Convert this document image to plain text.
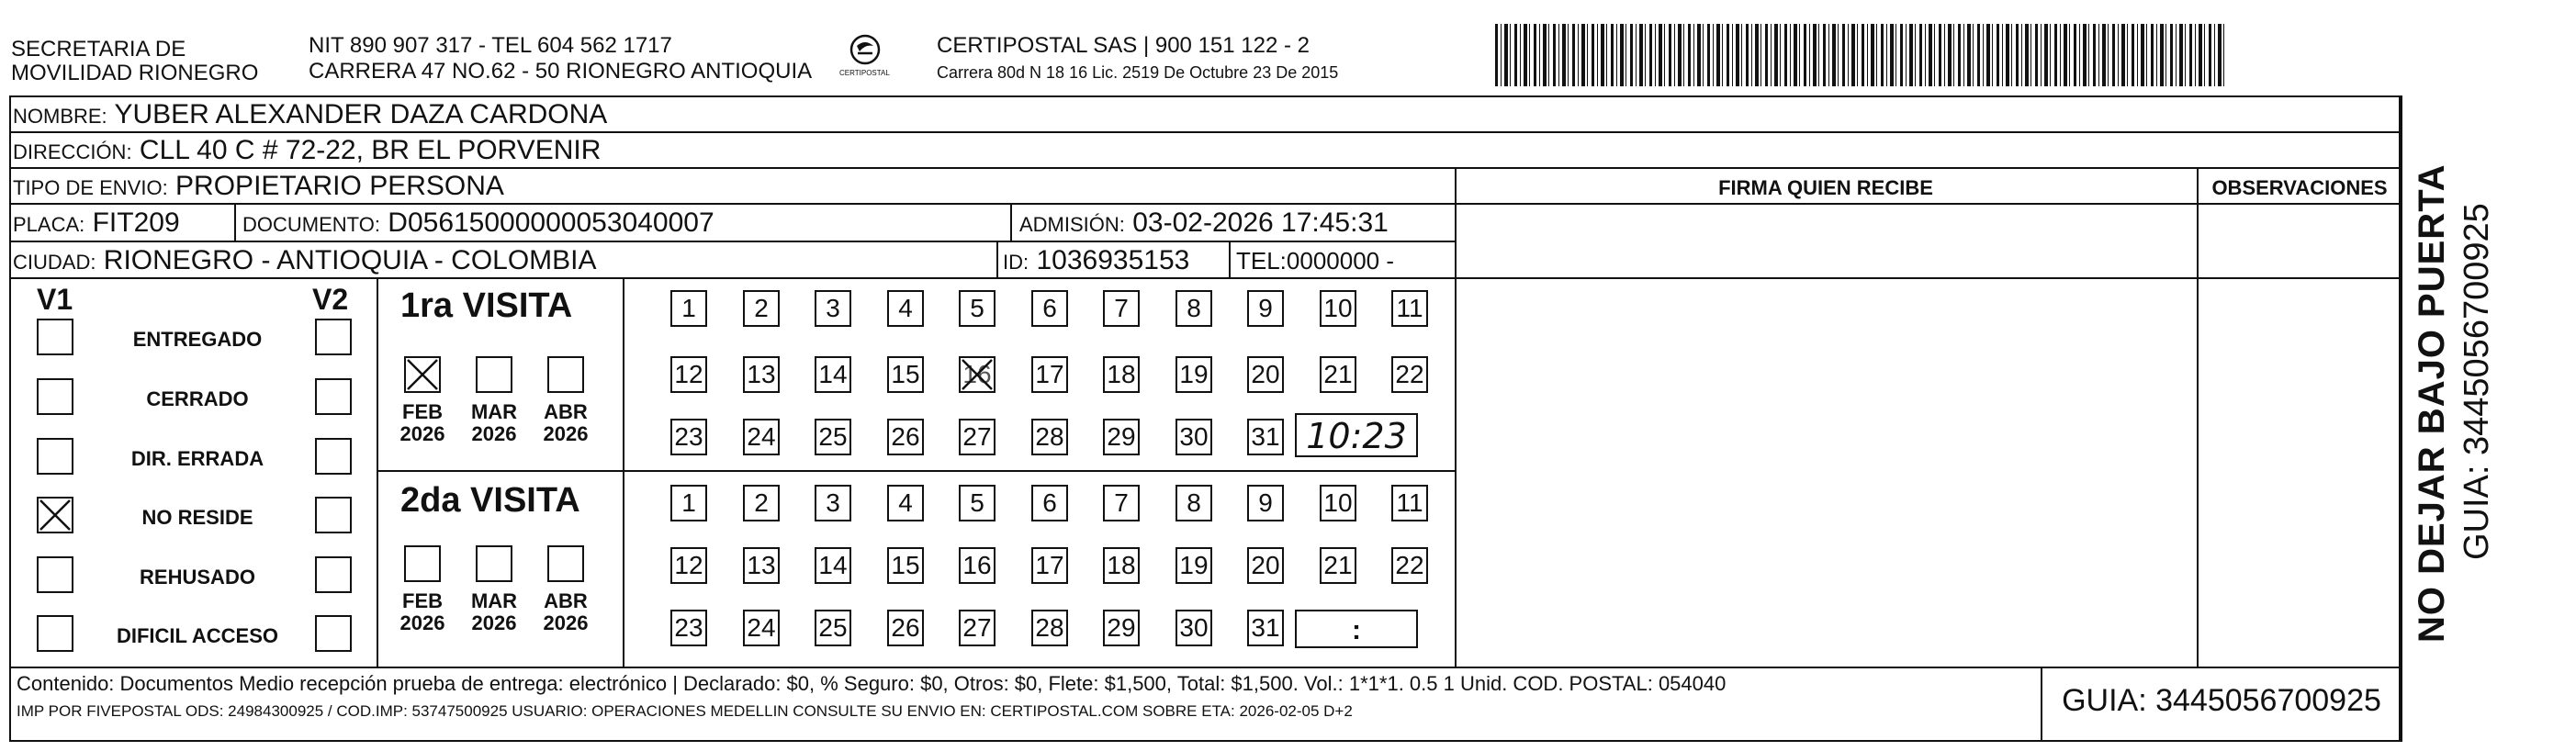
SECRETARIA DE
MOVILIDAD RIONEGRO
NIT 890 907 317 - TEL 604 562 1717
CARRERA 47 NO.62 - 50 RIONEGRO ANTIOQUIA	CERTIPOSTAL
CERTIPOSTAL SAS | 900 151 122 - 2
Carrera 80d N 18 16 Lic. 2519 De Octubre 23 De 2015
NOMBRE: YUBER ALEXANDER DAZA CARDONA
DIRECCIÓN: CLL 40 C # 72-22, BR EL PORVENIR
TIPO DE ENVIO: PROPIETARIO PERSONA
PLACA: FIT209	DOCUMENTO: D05615000000053040007	ADMISIÓN: 03-02-2026 17:45:31
CIUDAD: RIONEGRO - ANTIOQUIA - COLOMBIA	ID: 1036935153 TEL:0000000 -
FIRMA QUIEN RECIBE	OBSERVACIONES
V1	V2
ENTREGADO
CERRADO
DIR. ERRADA
NO RESIDE
REHUSADO
DIFICIL ACCESO
1ra VISITA
FEB
2026
MAR
2026
ABR
2026
1	2	3	4	5	6	7	8	9	10 11
12 13 14 15 16 17 18 19 20 21 22
23 24 25 26 27 28 29 30 31 10:23
2da VISITA
FEB
2026
MAR
2026
ABR
2026
1	2	3	4	5	6	7	8	9	10 11
12 13 14 15 16 17 18 19 20 21 22
23 24 25 26 27 28 29 30 31	:
Contenido: Documentos Medio recepción prueba de entrega: electrónico | Declarado: $0, % Seguro: $0, Otros: $0, Flete: $1,500, Total: $1,500. Vol.: 1*1*1. 0.5 1 Unid. COD. POSTAL: 054040
IMP POR FIVEPOSTAL ODS: 24984300925 / COD.IMP: 53747500925 USUARIO: OPERACIONES MEDELLIN CONSULTE SU ENVIO EN: CERTIPOSTAL.COM SOBRE ETA: 2026-02-05 D+2	GUIA: 3445056700925
NO DEJAR BAJO PUERTA GUIA: 3445056700925
